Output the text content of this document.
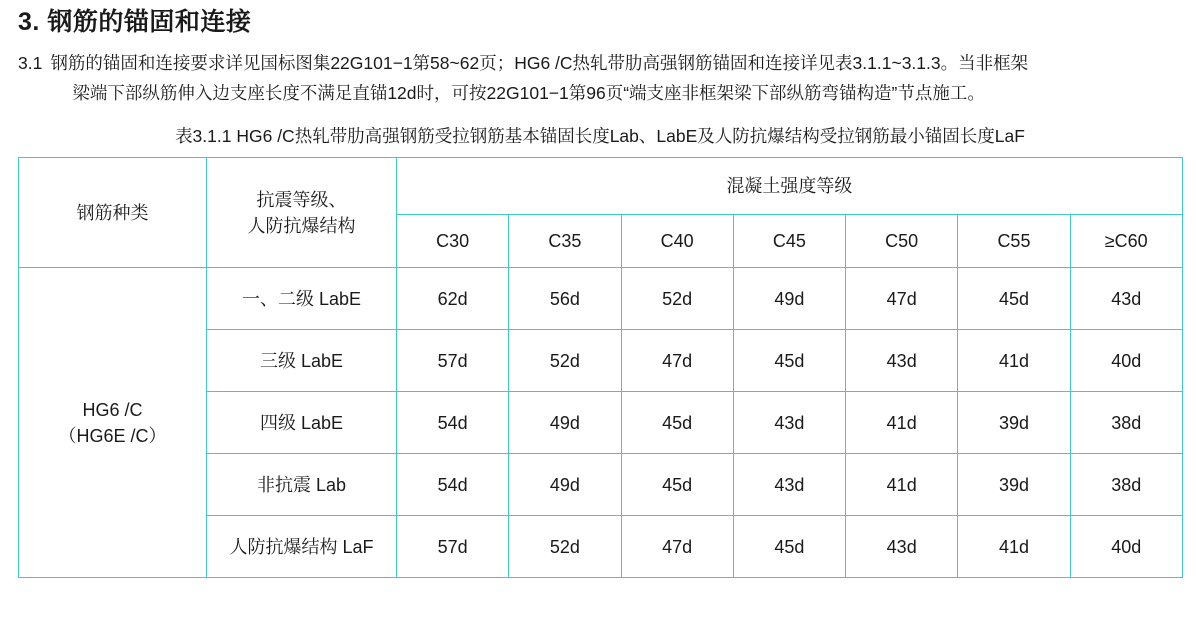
3. 钢筋的锚固和连接
3.1 钢筋的锚固和连接要求详见国标图集22G101−1第58~62页；HG6 /C热轧带肋高强钢筋锚固和连接详见表3.1.1~3.1.3。当非框架
梁端下部纵筋伸入边支座长度不满足直锚12d时，可按22G101−1第96页“端支座非框架梁下部纵筋弯锚构造”节点施工。
表3.1.1 HG6 /C热轧带肋高强钢筋受拉钢筋基本锚固长度Lab、LabE及人防抗爆结构受拉钢筋最小锚固长度LaF
钢筋种类	抗震等级、
人防抗爆结构	混凝土强度等级						
		C30	C35	C40	C45	C50	C55	≥C60

HG6 /C
（HG6E /C）	一、二级 LabE	62d	56d	52d	49d	47d	45d	43d
	三级 LabE	57d	52d	47d	45d	43d	41d	40d
	四级 LabE	54d	49d	45d	43d	41d	39d	38d
	非抗震 Lab	54d	49d	45d	43d	41d	39d	38d
	人防抗爆结构 LaF	57d	52d	47d	45d	43d	41d	40d
